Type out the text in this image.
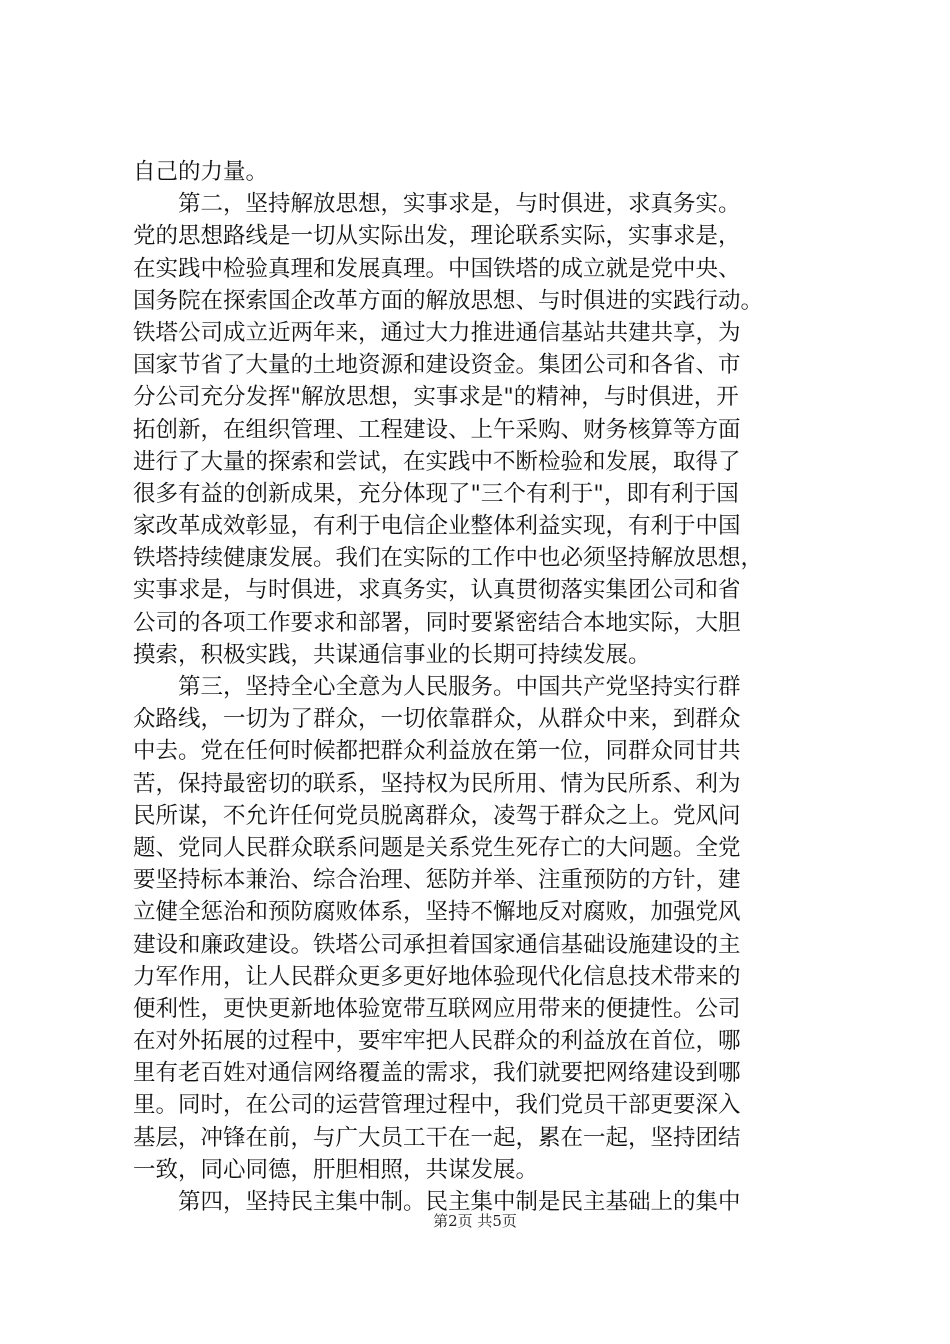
自己的力量。
　　第二，坚持解放思想，实事求是，与时俱进，求真务实。
党的思想路线是一切从实际出发，理论联系实际，实事求是，
在实践中检验真理和发展真理。中国铁塔的成立就是党中央、
国务院在探索国企改革方面的解放思想、与时俱进的实践行动。
铁塔公司成立近两年来，通过大力推进通信基站共建共享，为
国家节省了大量的土地资源和建设资金。集团公司和各省、市
分公司充分发挥"解放思想，实事求是"的精神，与时俱进，开
拓创新，在组织管理、工程建设、上午采购、财务核算等方面
进行了大量的探索和尝试，在实践中不断检验和发展，取得了
很多有益的创新成果，充分体现了"三个有利于"，即有利于国
家改革成效彰显，有利于电信企业整体利益实现，有利于中国
铁塔持续健康发展。我们在实际的工作中也必须坚持解放思想，
实事求是，与时俱进，求真务实，认真贯彻落实集团公司和省
公司的各项工作要求和部署，同时要紧密结合本地实际，大胆
摸索，积极实践，共谋通信事业的长期可持续发展。
　　第三，坚持全心全意为人民服务。中国共产党坚持实行群
众路线，一切为了群众，一切依靠群众，从群众中来，到群众
中去。党在任何时候都把群众利益放在第一位，同群众同甘共
苦，保持最密切的联系，坚持权为民所用、情为民所系、利为
民所谋，不允许任何党员脱离群众，凌驾于群众之上。党风问
题、党同人民群众联系问题是关系党生死存亡的大问题。全党
要坚持标本兼治、综合治理、惩防并举、注重预防的方针，建
立健全惩治和预防腐败体系，坚持不懈地反对腐败，加强党风
建设和廉政建设。铁塔公司承担着国家通信基础设施建设的主
力军作用，让人民群众更多更好地体验现代化信息技术带来的
便利性，更快更新地体验宽带互联网应用带来的便捷性。公司
在对外拓展的过程中，要牢牢把人民群众的利益放在首位，哪
里有老百姓对通信网络覆盖的需求，我们就要把网络建设到哪
里。同时，在公司的运营管理过程中，我们党员干部更要深入
基层，冲锋在前，与广大员工干在一起，累在一起，坚持团结
一致，同心同德，肝胆相照，共谋发展。
　　第四，坚持民主集中制。民主集中制是民主基础上的集中
第2页 共5页
